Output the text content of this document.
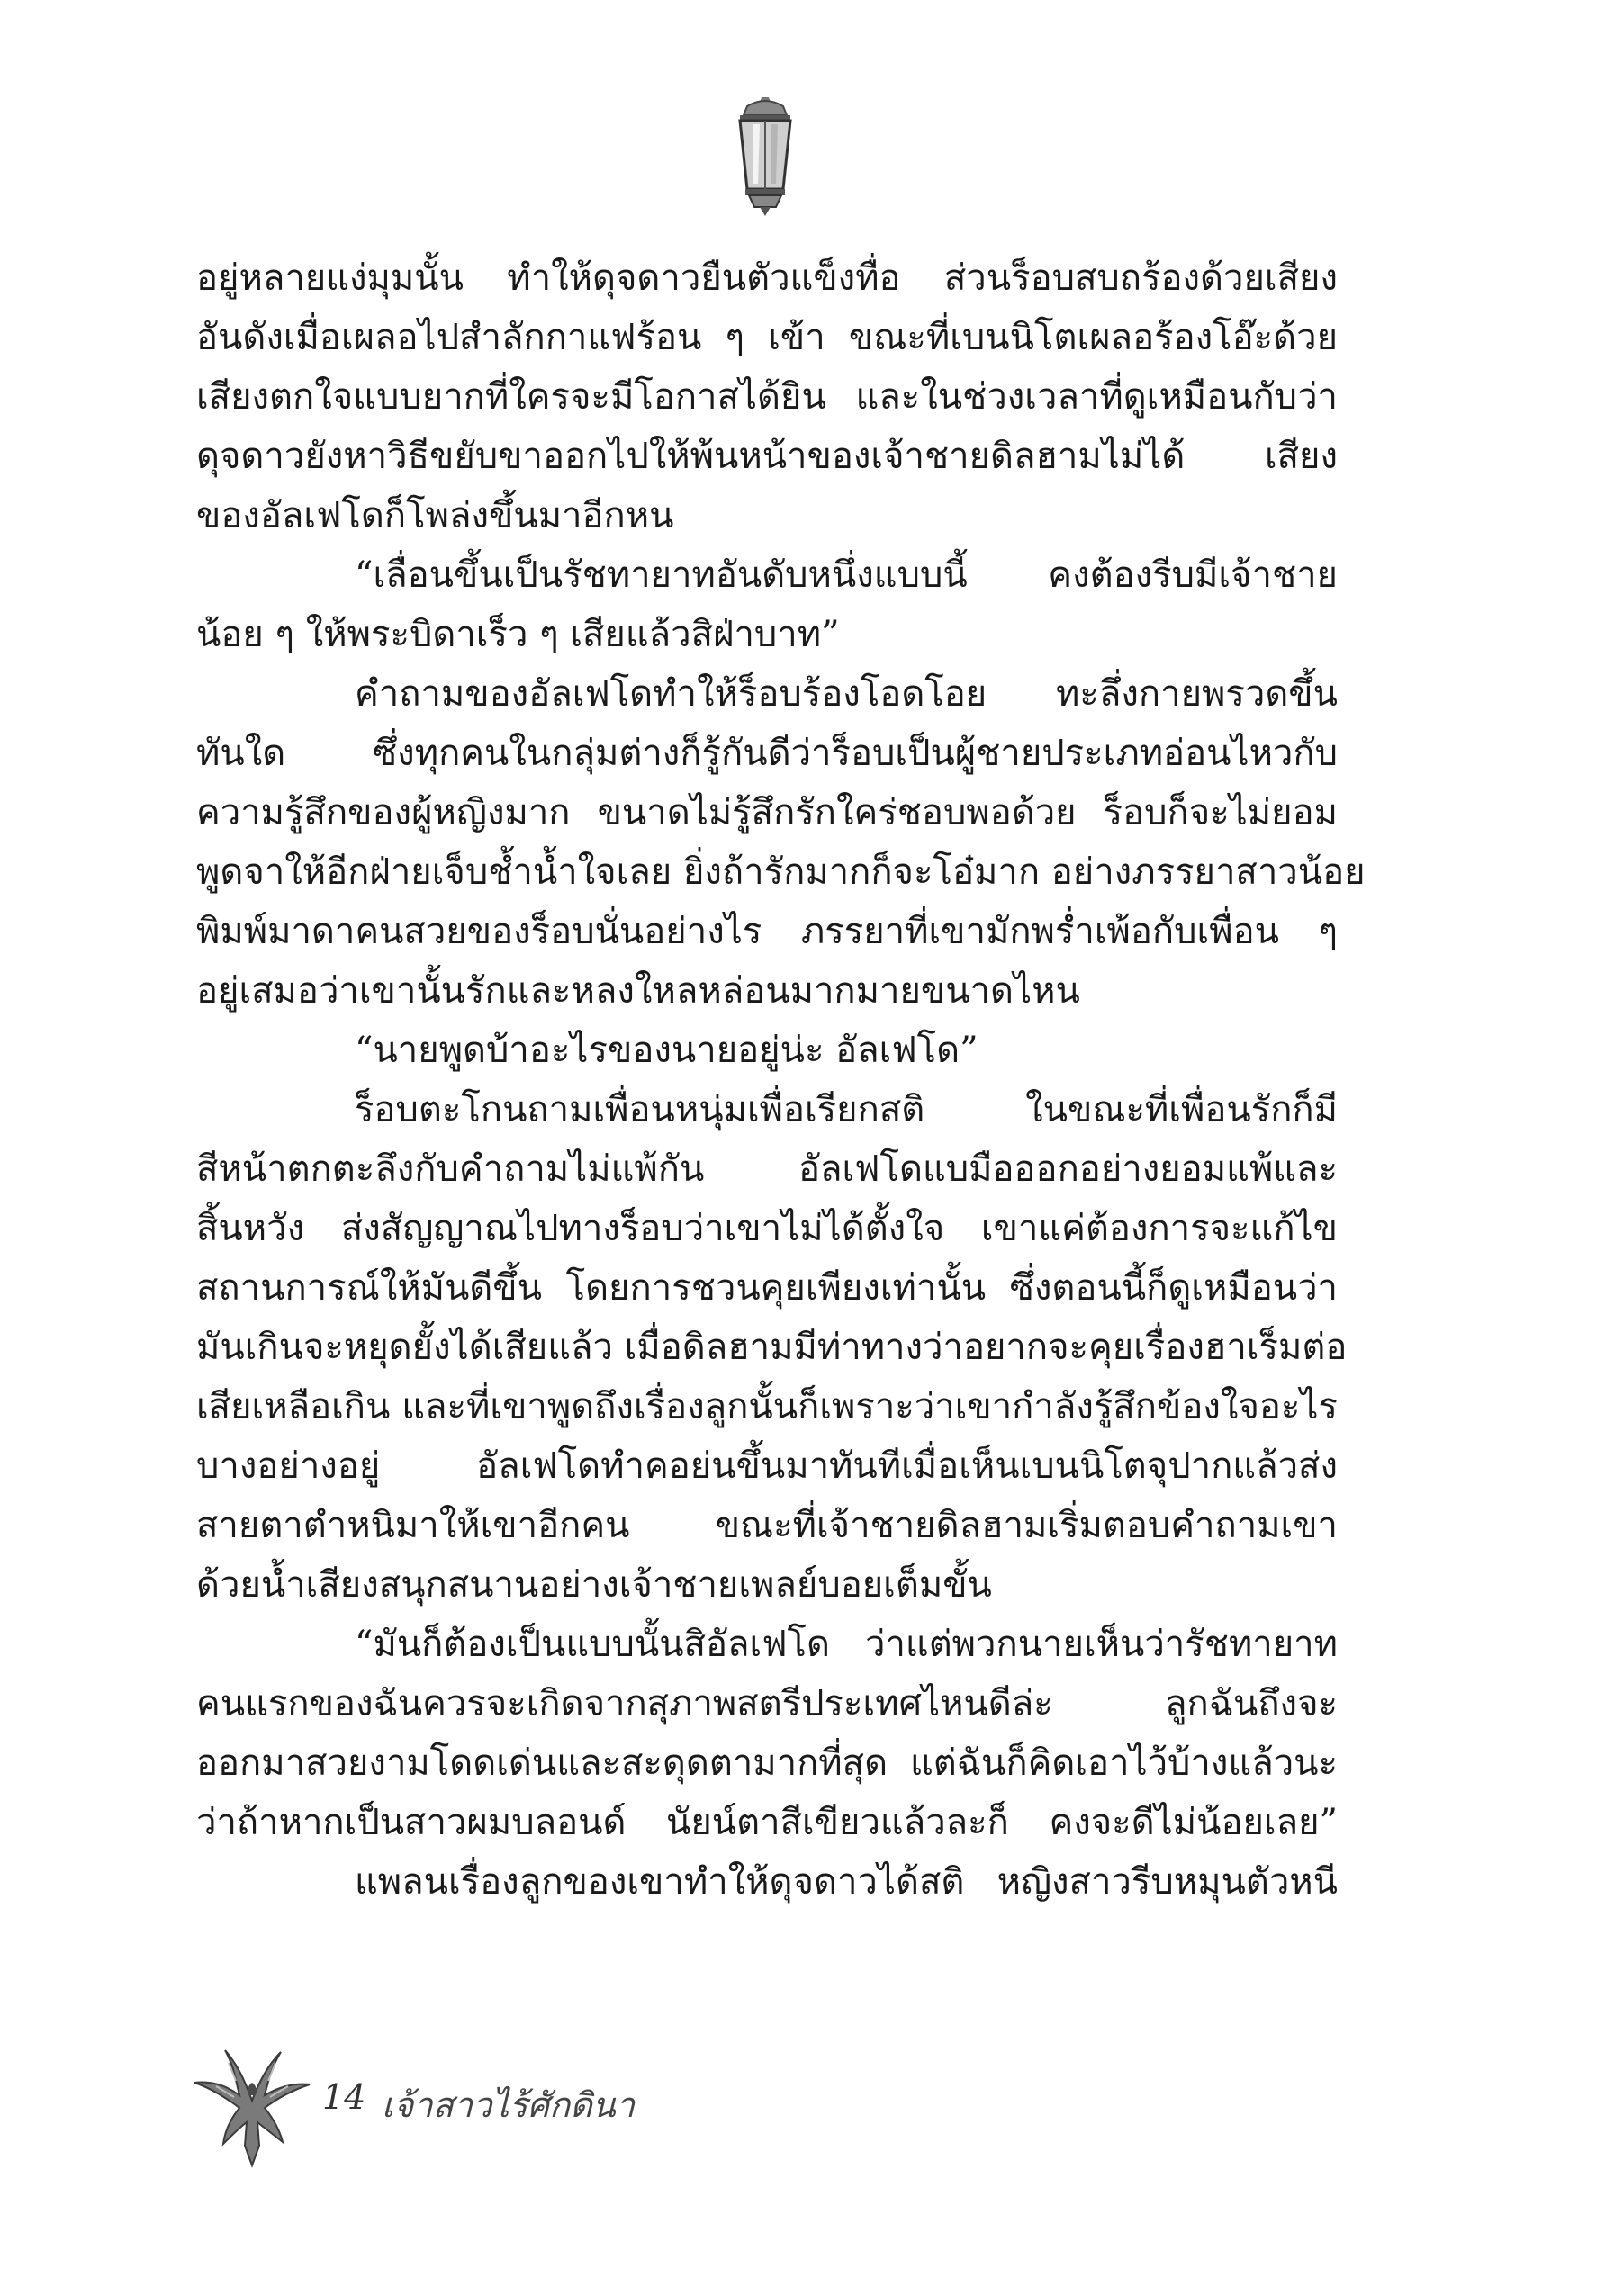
อยู่หลายแง่มุมนั้น ทำให้ดุจดาวยืนตัวแข็งทื่อ ส่วนร็อบสบถร้องด้วยเสียง
อันดังเมื่อเผลอไปสำลักกาแฟร้อน ๆ เข้า ขณะที่เบนนิโตเผลอร้องโอ๊ะด้วย
เสียงตกใจแบบยากที่ใครจะมีโอกาสได้ยิน และในช่วงเวลาที่ดูเหมือนกับว่า
ดุจดาวยังหาวิธีขยับขาออกไปให้พ้นหน้าของเจ้าชายดิลฮามไม่ได้ เสียง
ของอัลเฟโดก็โพล่งขึ้นมาอีกหน
“เลื่อนขึ้นเป็นรัชทายาทอันดับหนึ่งแบบนี้ คงต้องรีบมีเจ้าชาย
น้อย ๆ ให้พระบิดาเร็ว ๆ เสียแล้วสิฝ่าบาท”
คำถามของอัลเฟโดทำให้ร็อบร้องโอดโอย ทะลึ่งกายพรวดขึ้น
ทันใด ซึ่งทุกคนในกลุ่มต่างก็รู้กันดีว่าร็อบเป็นผู้ชายประเภทอ่อนไหวกับ
ความรู้สึกของผู้หญิงมาก ขนาดไม่รู้สึกรักใคร่ชอบพอด้วย ร็อบก็จะไม่ยอม
พูดจาให้อีกฝ่ายเจ็บช้ำน้ำใจเลย ยิ่งถ้ารักมากก็จะโอ๋มาก อย่างภรรยาสาวน้อย
พิมพ์มาดาคนสวยของร็อบนั่นอย่างไร ภรรยาที่เขามักพร่ำเพ้อกับเพื่อน ๆ
อยู่เสมอว่าเขานั้นรักและหลงใหลหล่อนมากมายขนาดไหน
“นายพูดบ้าอะไรของนายอยู่น่ะ อัลเฟโด”
ร็อบตะโกนถามเพื่อนหนุ่มเพื่อเรียกสติ ในขณะที่เพื่อนรักก็มี
สีหน้าตกตะลึงกับคำถามไม่แพ้กัน อัลเฟโดแบมือออกอย่างยอมแพ้และ
สิ้นหวัง ส่งสัญญาณไปทางร็อบว่าเขาไม่ได้ตั้งใจ เขาแค่ต้องการจะแก้ไข
สถานการณ์ให้มันดีขึ้น โดยการชวนคุยเพียงเท่านั้น ซึ่งตอนนี้ก็ดูเหมือนว่า
มันเกินจะหยุดยั้งได้เสียแล้ว เมื่อดิลฮามมีท่าทางว่าอยากจะคุยเรื่องฮาเร็มต่อ
เสียเหลือเกิน และที่เขาพูดถึงเรื่องลูกนั้นก็เพราะว่าเขากำลังรู้สึกข้องใจอะไร
บางอย่างอยู่ อัลเฟโดทำคอย่นขึ้นมาทันทีเมื่อเห็นเบนนิโตจุปากแล้วส่ง
สายตาตำหนิมาให้เขาอีกคน ขณะที่เจ้าชายดิลฮามเริ่มตอบคำถามเขา
ด้วยน้ำเสียงสนุกสนานอย่างเจ้าชายเพลย์บอยเต็มขั้น
“มันก็ต้องเป็นแบบนั้นสิอัลเฟโด ว่าแต่พวกนายเห็นว่ารัชทายาท
คนแรกของฉันควรจะเกิดจากสุภาพสตรีประเทศไหนดีล่ะ ลูกฉันถึงจะ
ออกมาสวยงามโดดเด่นและสะดุดตามากที่สุด แต่ฉันก็คิดเอาไว้บ้างแล้วนะ
ว่าถ้าหากเป็นสาวผมบลอนด์ นัยน์ตาสีเขียวแล้วละก็ คงจะดีไม่น้อยเลย”
แพลนเรื่องลูกของเขาทำให้ดุจดาวได้สติ หญิงสาวรีบหมุนตัวหนี
14 เจ้าสาวไร้ศักดินา
